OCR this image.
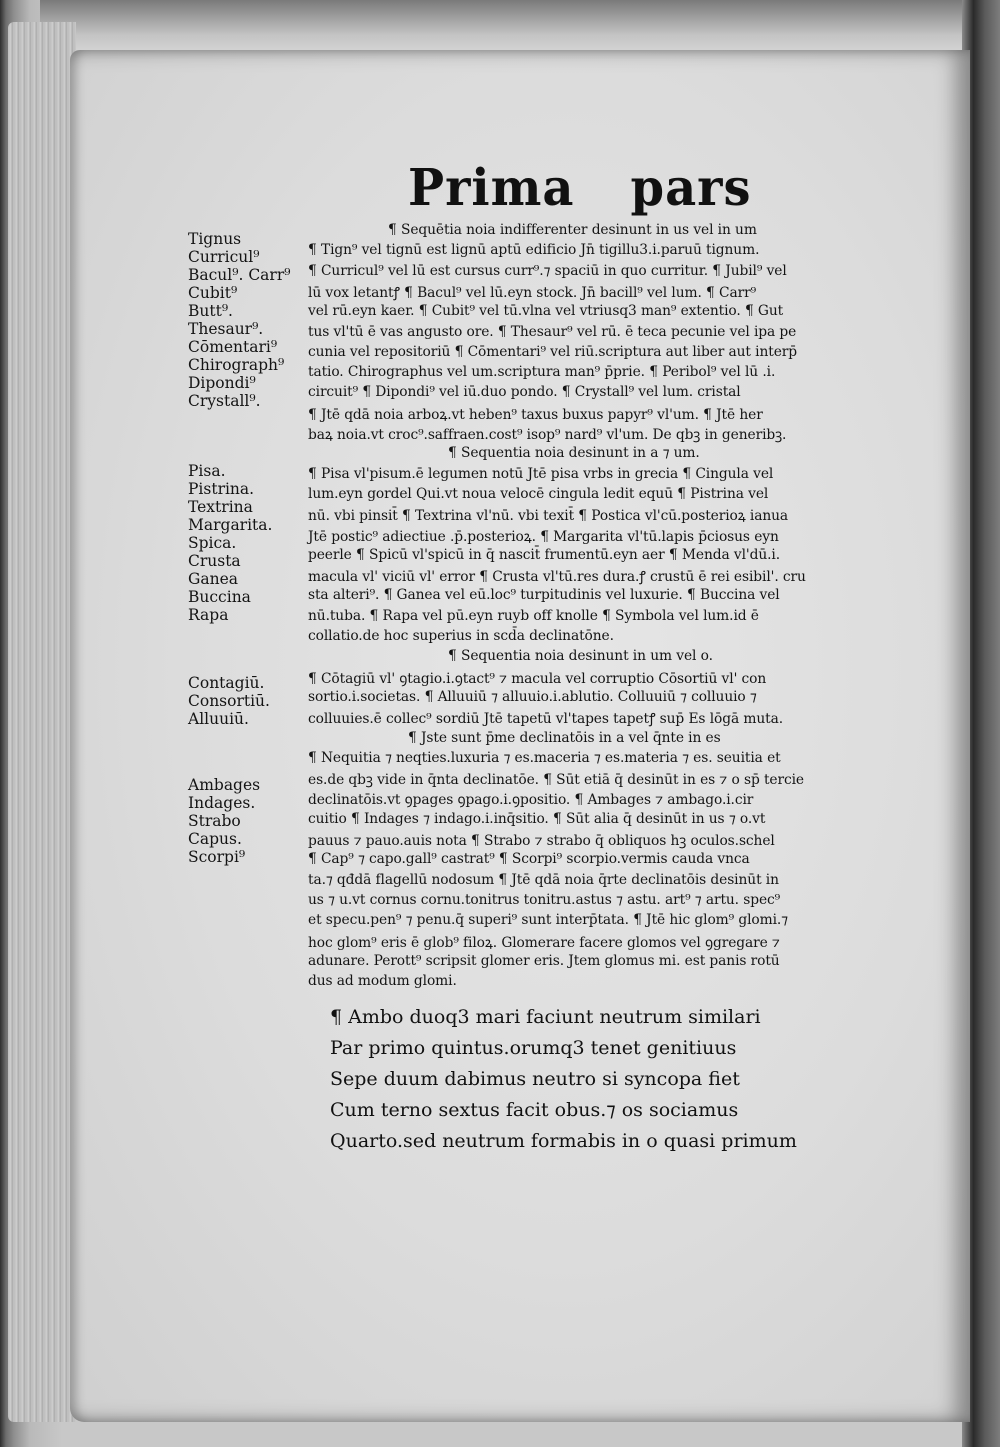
Prima pars
Tignus
Curricul⁹
Bacul⁹. Carr⁹
Cubit⁹
Butt⁹.
Thesaur⁹.
Cōmentari⁹
Chirograph⁹
Dipondi⁹
Crystall⁹.
Pisa.
Pistrina.
Textrina
Margarita.
Spica.
Crusta
Ganea
Buccina
Rapa
Contagiū.
Consortiū.
Alluuiū.
Ambages
Indages.
Strabo
Capus.
Scorpi⁹
¶ Sequētia noia indifferenter desinunt in us vel in um
¶ Tign⁹ vel tignū est lignū aptū edificio Jn̄ tigillu3.i.paruū tignum.
¶ Curricul⁹ vel lū est cursus curr⁹.⁊ spaciū in quo curritur. ¶ Jubil⁹ vel
lū vox letantꝭ ¶ Bacul⁹ vel lū.eyn stock. Jn̄ bacill⁹ vel lum. ¶ Carr⁹
vel rū.eyn kaer. ¶ Cubit⁹ vel tū.vlna vel vtriusq3 man⁹ extentio. ¶ Gut
tus vl'tū ē vas angusto ore. ¶ Thesaur⁹ vel rū. ē teca pecunie vel ipa pe
cunia vel repositoriū ¶ Cōmentari⁹ vel riū.scriptura aut liber aut interp̄
tatio. Chirographus vel um.scriptura man⁹ p̄prie. ¶ Peribol⁹ vel lū .i.
circuit⁹ ¶ Dipondi⁹ vel iū.duo pondo. ¶ Crystall⁹ vel lum. cristal
¶ Jtē qdā noia arboꝝ.vt heben⁹ taxus buxus papyr⁹ vl'um. ¶ Jtē her
baꝝ noia.vt croc⁹.saffraen.cost⁹ isop⁹ nard⁹ vl'um. De qbꝫ in generibꝫ.
¶ Sequentia noia desinunt in a ⁊ um.
¶ Pisa vl'pisum.ē legumen notū Jtē pisa vrbs in grecia ¶ Cingula vel
lum.eyn gordel Qui.vt noua velocē cingula ledit equū ¶ Pistrina vel
nū. vbi pinsit̄ ¶ Textrina vl'nū. vbi texit̄ ¶ Postica vl'cū.posterioꝝ ianua
Jtē postic⁹ adiectiue .p̄.posterioꝝ. ¶ Margarita vl'tū.lapis p̄ciosus eyn
peerle ¶ Spicū vl'spicū in q̄ nascit̄ frumentū.eyn aer ¶ Menda vl'dū.i.
macula vl' viciū vl' error ¶ Crusta vl'tū.res dura.ꝭ crustū ē rei esibil'. cru
sta alteri⁹. ¶ Ganea vel eū.loc⁹ turpitudinis vel luxurie. ¶ Buccina vel
nū.tuba. ¶ Rapa vel pū.eyn ruyb off knolle ¶ Symbola vel lum.id ē
collatio.de hoc superius in scd̄a declinatōne.
¶ Sequentia noia desinunt in um vel o.
¶ Cōtagiū vl' ꝯtagio.i.ꝯtact⁹ ⁊ macula vel corruptio Cōsortiū vl' con
sortio.i.societas. ¶ Alluuiū ⁊ alluuio.i.ablutio. Colluuiū ⁊ colluuio ⁊
colluuies.ē collec⁹ sordiū Jtē tapetū vl'tapes tapetꝭ sup̄ Es lōgā muta.
¶ Jste sunt p̄me declinatōis in a vel q̄nte in es
¶ Nequitia ⁊ neqties.luxuria ⁊ es.maceria ⁊ es.materia ⁊ es. seuitia et
es.de qbꝫ vide in q̄nta declinatōe. ¶ Sūt etiā q̄ desinūt in es ⁊ o sp̄ tercie
declinatōis.vt ꝯpages ꝯpago.i.ꝯpositio. ¶ Ambages ⁊ ambago.i.cir
cuitio ¶ Indages ⁊ indago.i.inq̄sitio. ¶ Sūt alia q̄ desinūt in us ⁊ o.vt
pauus ⁊ pauo.auis nota ¶ Strabo ⁊ strabo q̄ obliquos hꝫ oculos.schel
¶ Cap⁹ ⁊ capo.gall⁹ castrat⁹ ¶ Scorpi⁹ scorpio.vermis cauda vnca
ta.⁊ qđdā flagellū nodosum ¶ Jtē qdā noia q̄rte declinatōis desinūt in
us ⁊ u.vt cornus cornu.tonitrus tonitru.astus ⁊ astu. art⁹ ⁊ artu. spec⁹
et specu.pen⁹ ⁊ penu.q̄ superi⁹ sunt interp̄tata. ¶ Jtē hic glom⁹ glomi.⁊
hoc glom⁹ eris ē glob⁹ filoꝝ. Glomerare facere glomos vel ꝯgregare ⁊
adunare. Perott⁹ scripsit glomer eris. Jtem glomus mi. est panis rotū
dus ad modum glomi.
¶ Ambo duoq3 mari faciunt neutrum similari
Par primo quintus.orumq3 tenet genitiuus
Sepe duum dabimus neutro si syncopa fiet
Cum terno sextus facit obus.⁊ os sociamus
Quarto.sed neutrum formabis in o quasi primum
